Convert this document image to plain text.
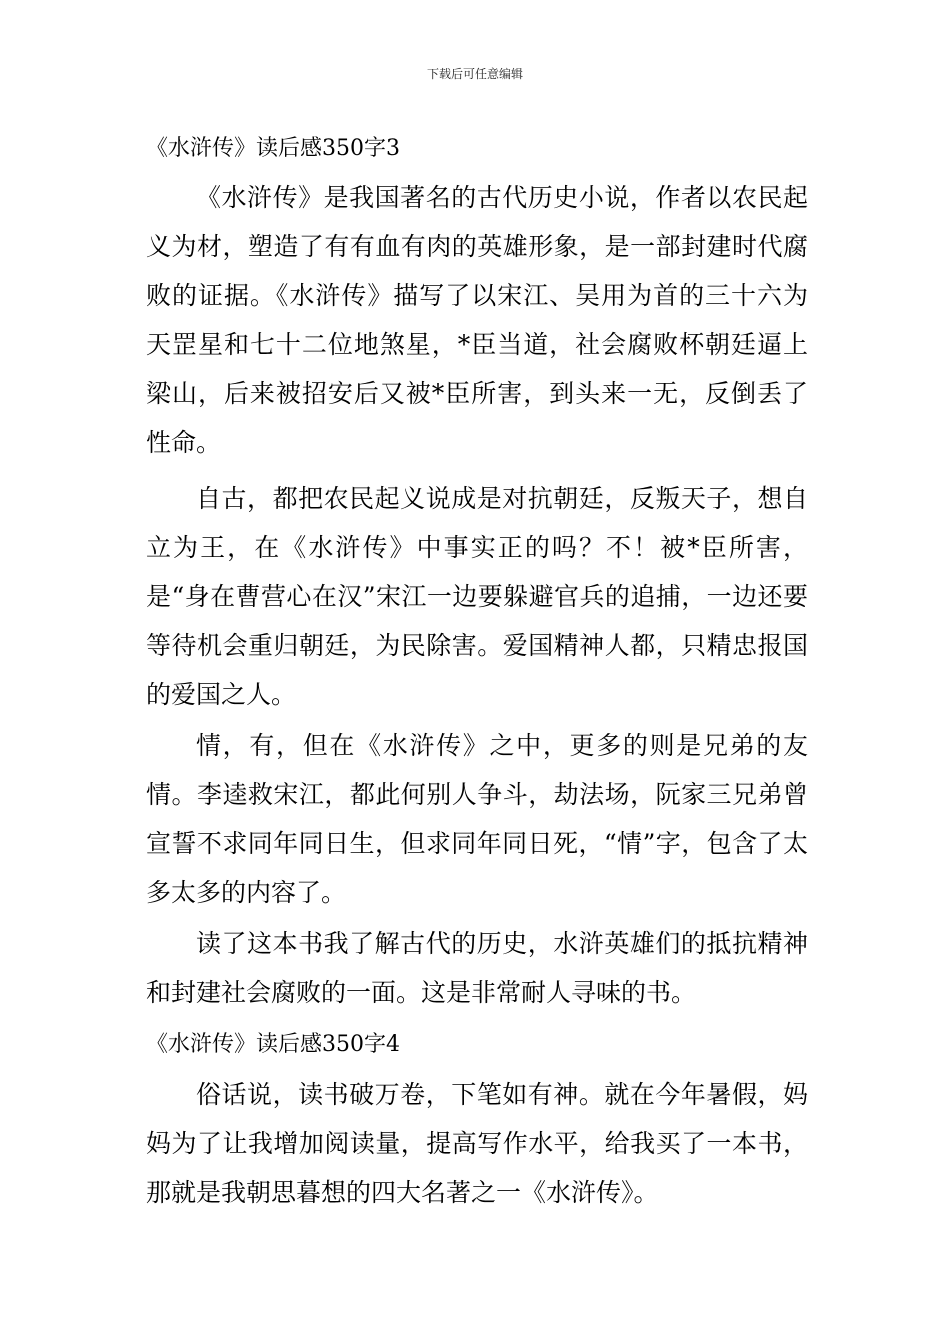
下载后可任意编辑
《水浒传》读后感350字3

《水浒传》是我国著名的古代历史小说，作者以农民起义为材，塑造了有有血有肉的英雄形象，是一部封建时代腐败的证据。《水浒传》描写了以宋江、吴用为首的三十六为天罡星和七十二位地煞星，*臣当道，社会腐败杯朝廷逼上梁山，后来被招安后又被*臣所害，到头来一无，反倒丢了性命。

自古，都把农民起义说成是对抗朝廷，反叛天子，想自立为王，在《水浒传》中事实正的吗？不！被*臣所害，是“身在曹营心在汉”宋江一边要躲避官兵的追捕，一边还要等待机会重归朝廷，为民除害。爱国精神人都，只精忠报国的爱国之人。

情，有，但在《水浒传》之中，更多的则是兄弟的友情。李逵救宋江，都此何别人争斗，劫法场，阮家三兄弟曾宣誓不求同年同日生，但求同年同日死，“情”字，包含了太多太多的内容了。

读了这本书我了解古代的历史，水浒英雄们的抵抗精神和封建社会腐败的一面。这是非常耐人寻味的书。

《水浒传》读后感350字4

俗话说，读书破万卷，下笔如有神。就在今年暑假，妈妈为了让我增加阅读量，提高写作水平，给我买了一本书，那就是我朝思暮想的四大名著之一《水浒传》。
